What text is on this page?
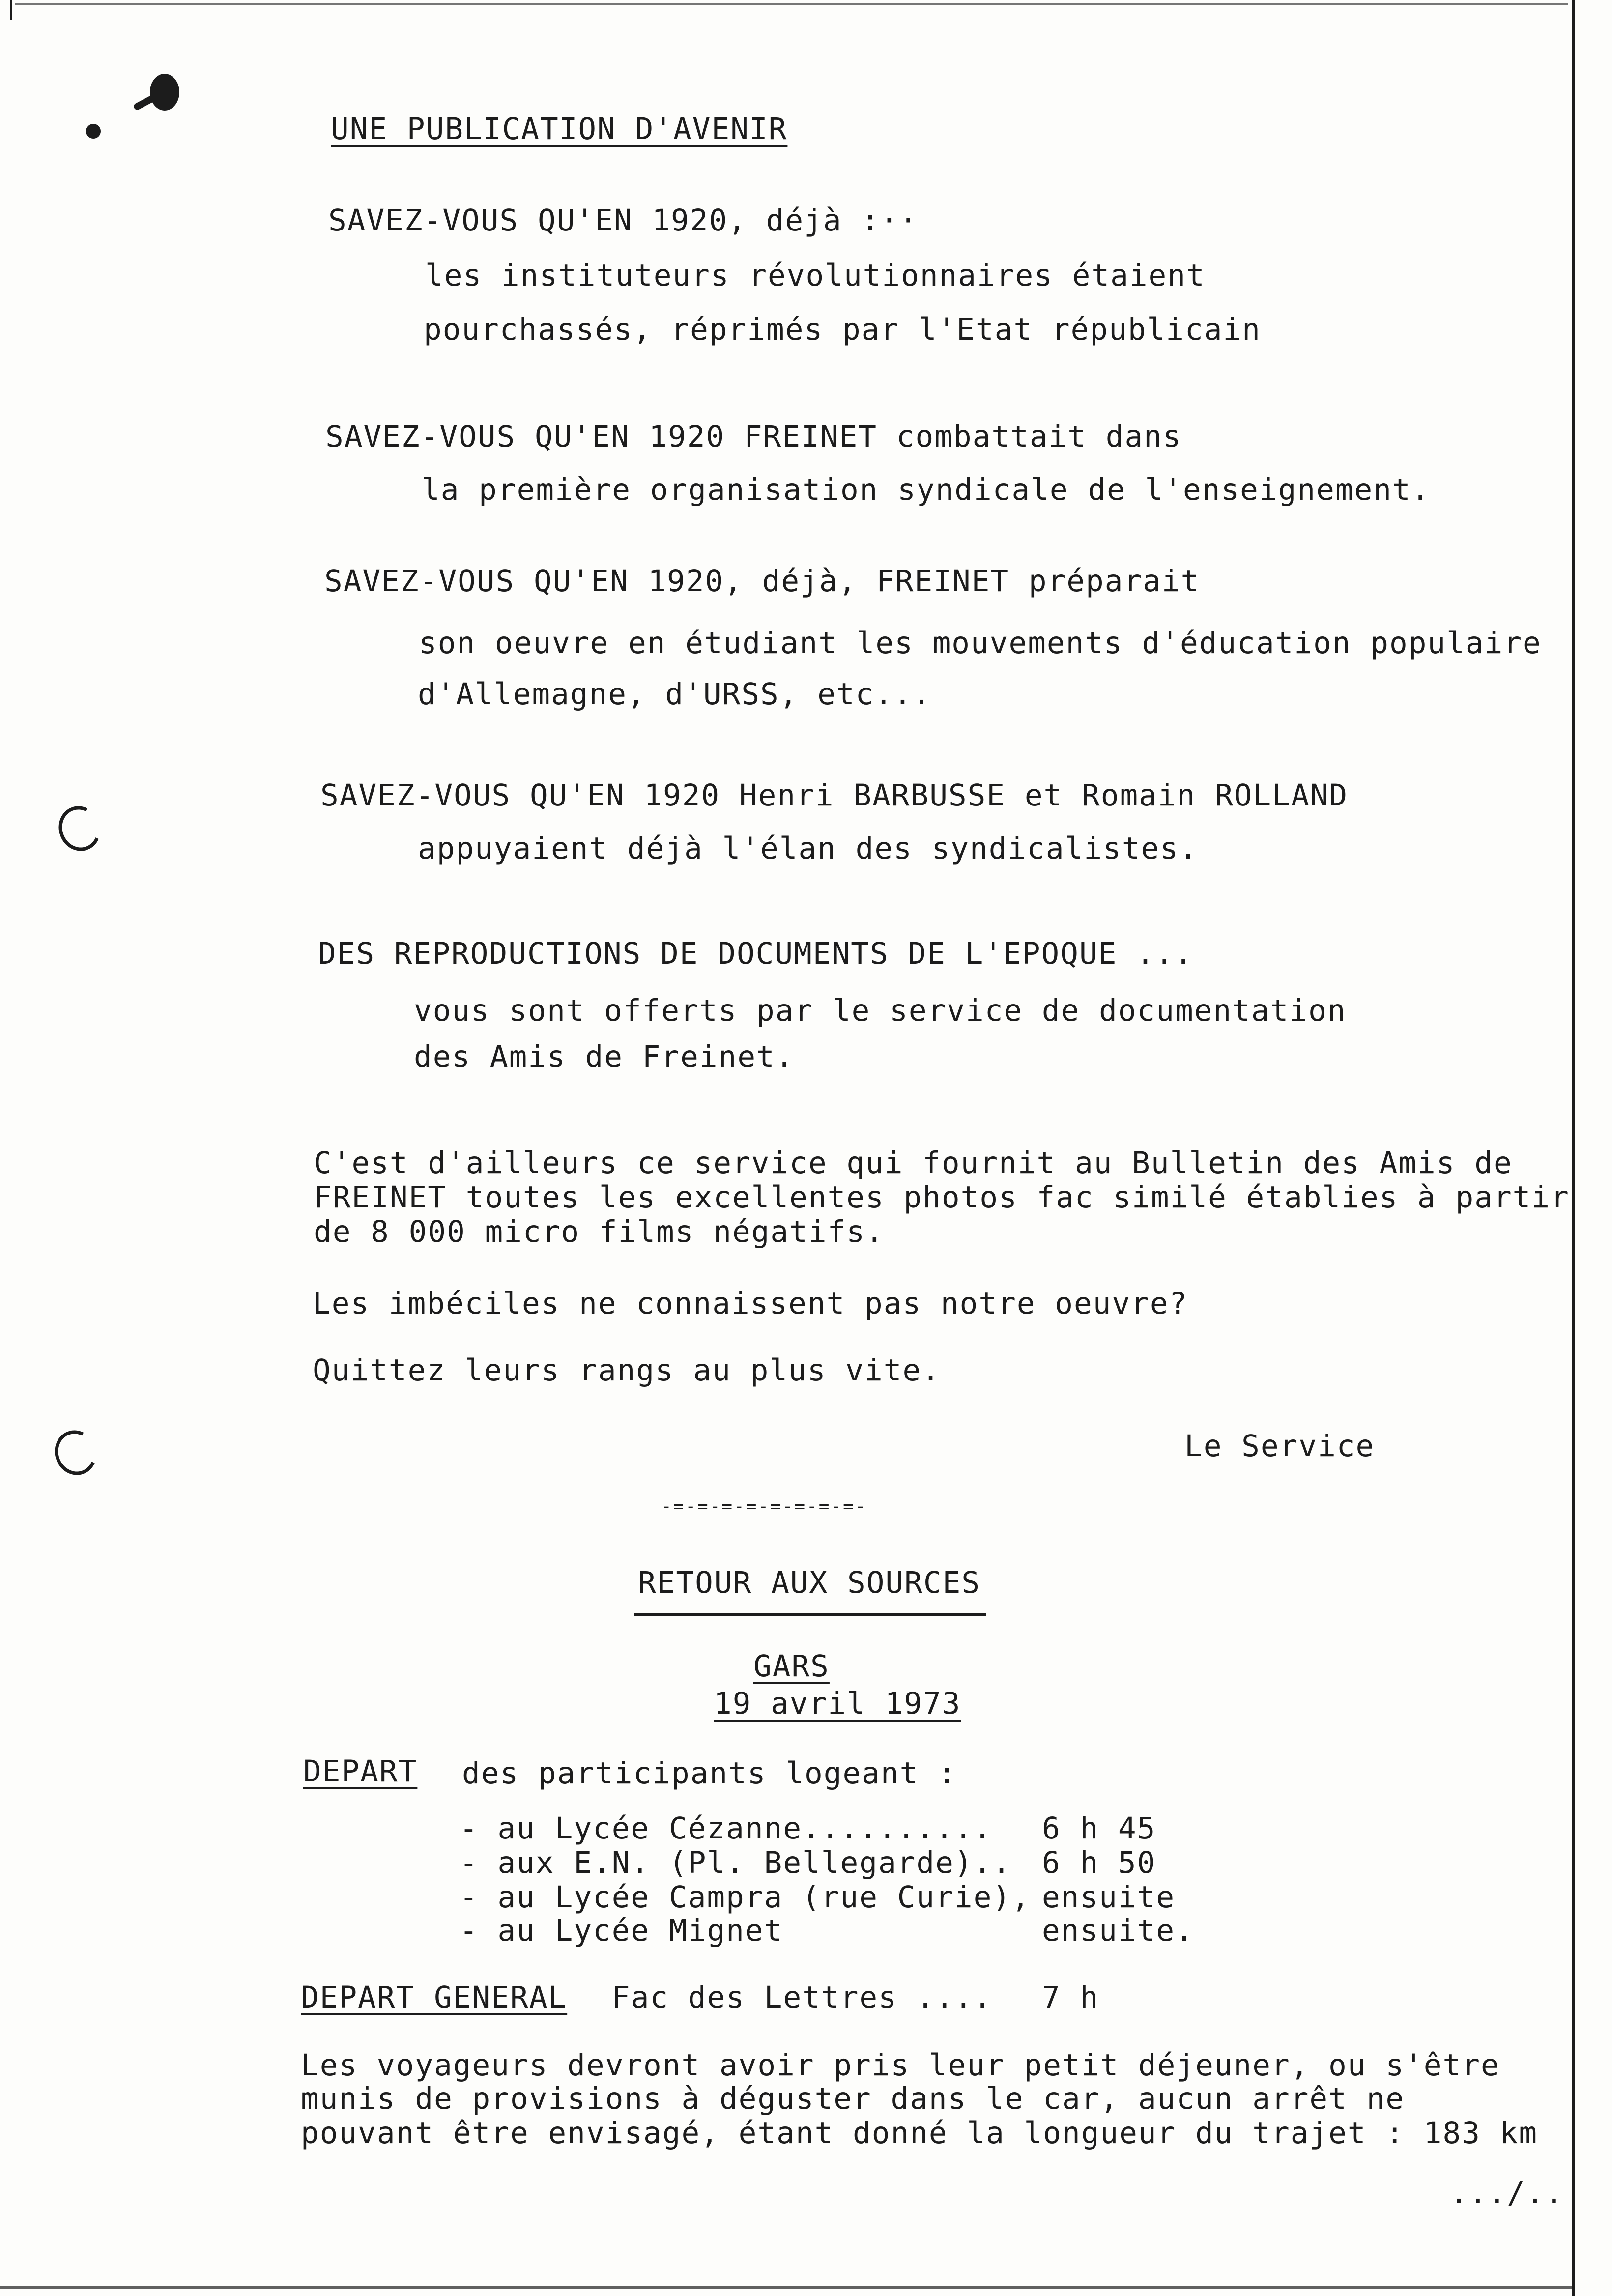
UNE PUBLICATION D'AVENIR
SAVEZ-VOUS QU'EN 1920, déjà :··
les instituteurs révolutionnaires étaient
pourchassés, réprimés par l'Etat républicain
SAVEZ-VOUS QU'EN 1920 FREINET combattait dans
la première organisation syndicale de l'enseignement.
SAVEZ-VOUS QU'EN 1920, déjà, FREINET préparait
son oeuvre en étudiant les mouvements d'éducation populaire
d'Allemagne, d'URSS, etc...
SAVEZ-VOUS QU'EN 1920 Henri BARBUSSE et Romain ROLLAND
appuyaient déjà l'élan des syndicalistes.
DES REPRODUCTIONS DE DOCUMENTS DE L'EPOQUE ...
vous sont offerts par le service de documentation
des Amis de Freinet.
C'est d'ailleurs ce service qui fournit au Bulletin des Amis de
FREINET toutes les excellentes photos fac similé établies à partir
de 8 000 micro films négatifs.
Les imbéciles ne connaissent pas notre oeuvre?
Quittez leurs rangs au plus vite.
Le Service
-=-=-=-=-=-=-=-=-
RETOUR AUX SOURCES
GARS
19 avril 1973
DEPART des participants logeant :
- au Lycée Cézanne.......... 6 h 45
- aux E.N. (Pl. Bellegarde).. 6 h 50
- au Lycée Campra (rue Curie), ensuite
- au Lycée Mignet	ensuite.
DEPART GENERAL Fac des Lettres .... 7 h
Les voyageurs devront avoir pris leur petit déjeuner, ou s'être
munis de provisions à déguster dans le car, aucun arrêt ne
pouvant être envisagé, étant donné la longueur du trajet : 183 km
.../..
